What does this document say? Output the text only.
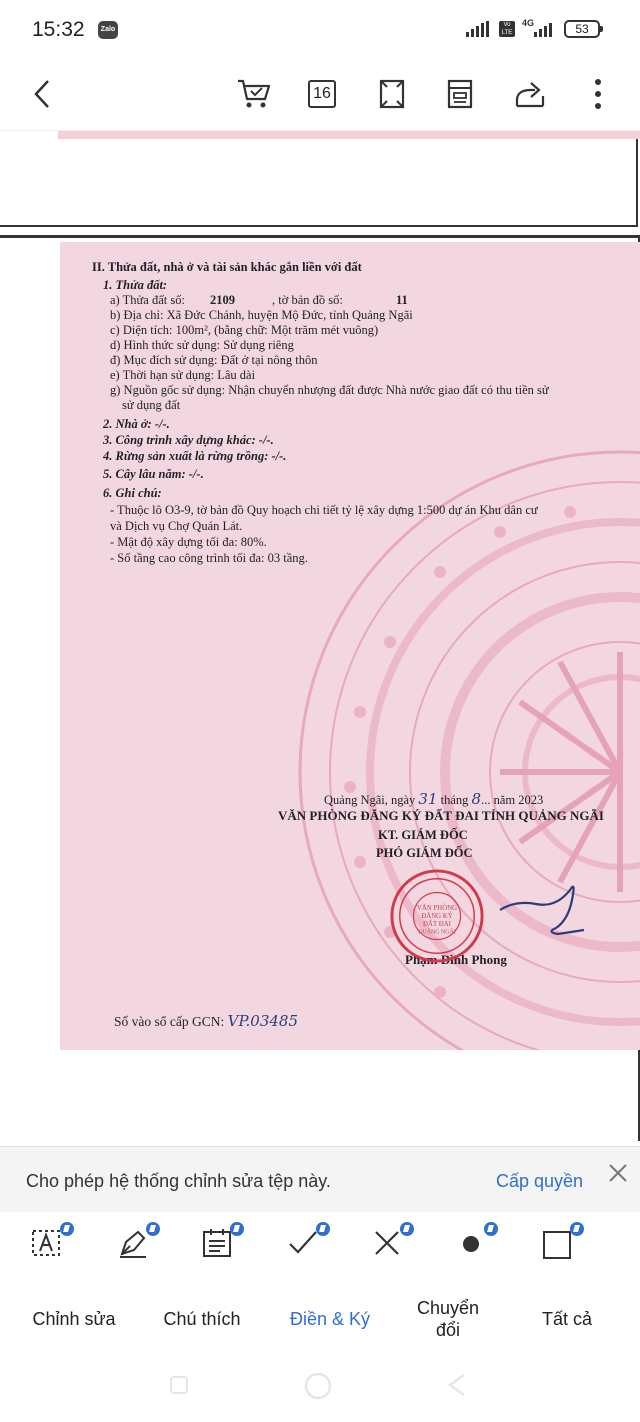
15:32	Zalo
Vo LTE
4G	53
16
II. Thửa đất, nhà ở và tài sản khác gắn liền với đất
1. Thửa đất:
a) Thửa đất số: 2109	, tờ bản đồ số:	11
b) Địa chỉ: Xã Đức Chánh, huyện Mộ Đức, tỉnh Quảng Ngãi
c) Diện tích: 100m², (bằng chữ: Một trăm mét vuông)
d) Hình thức sử dụng: Sử dụng riêng
đ) Mục đích sử dụng: Đất ở tại nông thôn
e) Thời hạn sử dụng: Lâu dài
g) Nguồn gốc sử dụng: Nhận chuyển nhượng đất được Nhà nước giao đất có thu tiền sử
sử dụng đất
2. Nhà ở: -/-.
3. Công trình xây dựng khác: -/-.
4. Rừng sản xuất là rừng trồng: -/-.
5. Cây lâu năm: -/-.
6. Ghi chú:
- Thuộc lô O3-9, tờ bản đồ Quy hoạch chi tiết tỷ lệ xây dựng 1:500 dự án Khu dân cư
và Dịch vụ Chợ Quán Lát.
- Mật độ xây dựng tối đa: 80%.
- Số tầng cao công trình tối đa: 03 tầng.
Quảng Ngãi, ngày 31 tháng 8... năm 2023
VĂN PHÒNG ĐĂNG KÝ ĐẤT ĐAI TỈNH QUẢNG NGÃI
KT. GIÁM ĐỐC
PHÓ GIÁM ĐỐC
Phạm Đình Phong
Số vào sổ cấp GCN: VP.03485
VĂN PHÒNG
ĐĂNG KÝ
ĐẤT ĐAI
QUẢNG NGÃI
Cho phép hệ thống chỉnh sửa tệp này.	Cấp quyền
Chỉnh sửa	Chú thích	Điền & Ký
Chuyển
đổi
Tất cả
